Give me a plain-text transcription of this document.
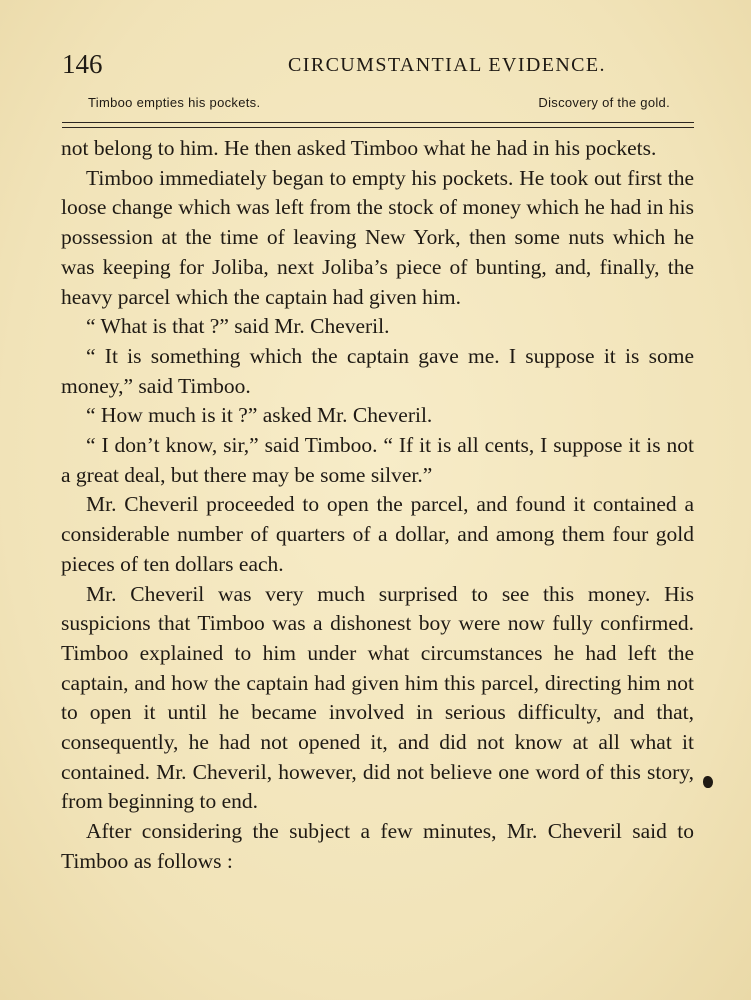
146	CIRCUMSTANTIAL EVIDENCE.
Timboo empties his pockets.	Discovery of the gold.

not belong to him. He then asked Timboo what he had in his pockets.

Timboo immediately began to empty his pockets. He took out first the loose change which was left from the stock of money which he had in his possession at the time of leaving New York, then some nuts which he was keeping for Joliba, next Joliba’s piece of bunting, and, finally, the heavy parcel which the captain had given him.

“ What is that ?” said Mr. Cheveril.

“ It is something which the captain gave me. I suppose it is some money,” said Timboo.

“ How much is it ?” asked Mr. Cheveril.

“ I don’t know, sir,” said Timboo. “ If it is all cents, I suppose it is not a great deal, but there may be some silver.”

Mr. Cheveril proceeded to open the parcel, and found it contained a considerable number of quarters of a dollar, and among them four gold pieces of ten dollars each.

Mr. Cheveril was very much surprised to see this money. His suspicions that Timboo was a dishonest boy were now fully confirmed. Timboo explained to him under what circumstances he had left the captain, and how the captain had given him this parcel, directing him not to open it until he became involved in serious difficulty, and that, consequently, he had not opened it, and did not know at all what it contained. Mr. Cheveril, however, did not believe one word of this story, from beginning to end.

After considering the subject a few minutes, Mr. Cheveril said to Timboo as follows :
